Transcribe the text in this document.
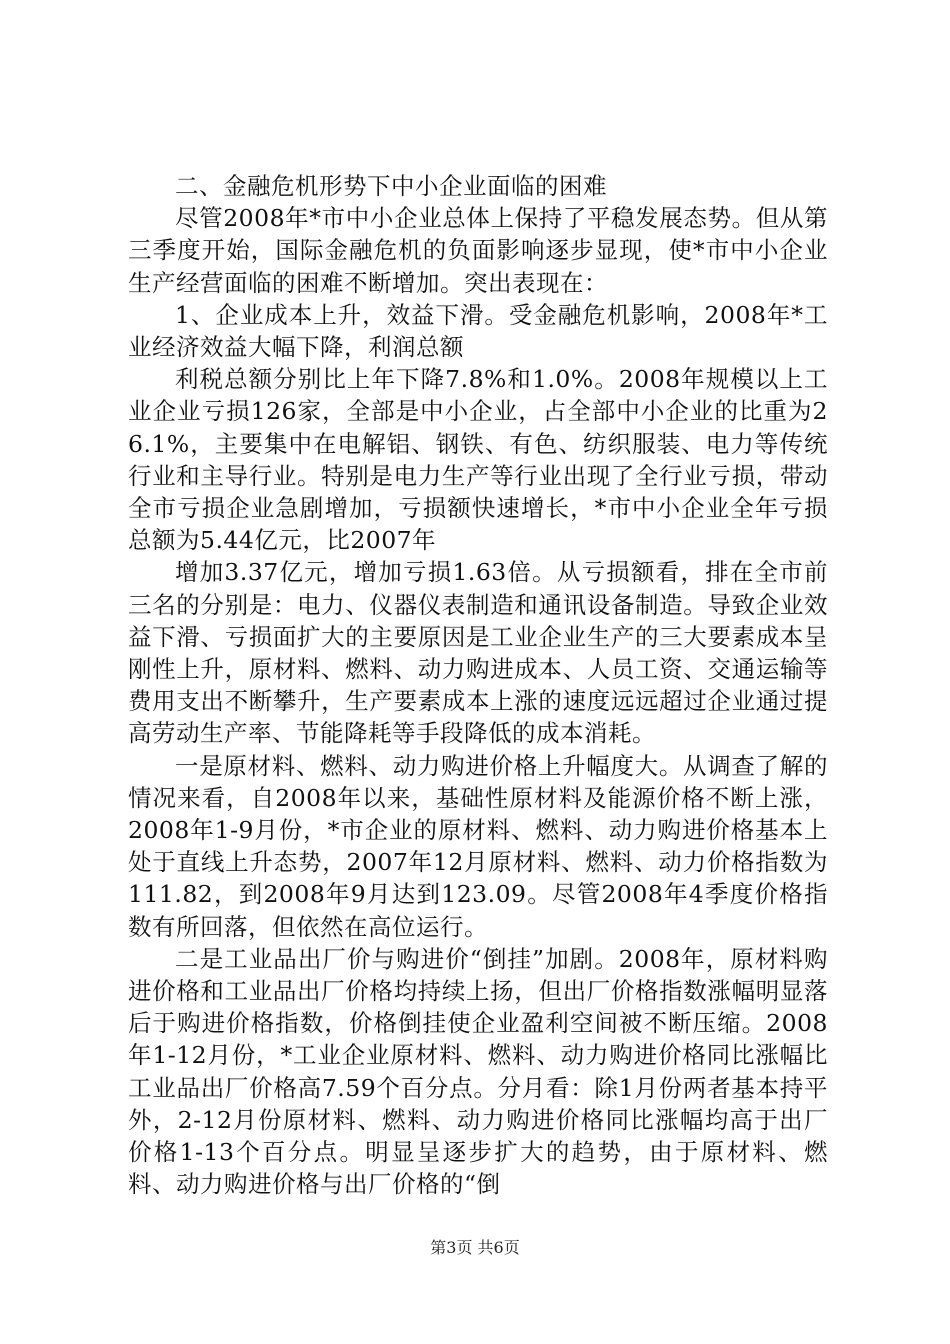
二、金融危机形势下中小企业面临的困难

尽管2008年*市中小企业总体上保持了平稳发展态势。但从第三季度开始，国际金融危机的负面影响逐步显现，使*市中小企业生产经营面临的困难不断增加。突出表现在：

1、企业成本上升，效益下滑。受金融危机影响，2008年*工业经济效益大幅下降，利润总额

利税总额分别比上年下降7.8%和1.0%。2008年规模以上工业企业亏损126家，全部是中小企业，占全部中小企业的比重为26.1%，主要集中在电解铝、钢铁、有色、纺织服装、电力等传统行业和主导行业。特别是电力生产等行业出现了全行业亏损，带动全市亏损企业急剧增加，亏损额快速增长，*市中小企业全年亏损总额为5.44亿元，比2007年

增加3.37亿元，增加亏损1.63倍。从亏损额看，排在全市前三名的分别是：电力、仪器仪表制造和通讯设备制造。导致企业效益下滑、亏损面扩大的主要原因是工业企业生产的三大要素成本呈刚性上升，原材料、燃料、动力购进成本、人员工资、交通运输等费用支出不断攀升，生产要素成本上涨的速度远远超过企业通过提高劳动生产率、节能降耗等手段降低的成本消耗。

一是原材料、燃料、动力购进价格上升幅度大。从调查了解的情况来看，自2008年以来，基础性原材料及能源价格不断上涨，2008年1-9月份，*市企业的原材料、燃料、动力购进价格基本上处于直线上升态势，2007年12月原材料、燃料、动力价格指数为111.82，到2008年9月达到123.09。尽管2008年4季度价格指数有所回落，但依然在高位运行。

二是工业品出厂价与购进价“倒挂”加剧。2008年，原材料购进价格和工业品出厂价格均持续上扬，但出厂价格指数涨幅明显落后于购进价格指数，价格倒挂使企业盈利空间被不断压缩。2008年1-12月份，*工业企业原材料、燃料、动力购进价格同比涨幅比工业品出厂价格高7.59个百分点。分月看：除1月份两者基本持平外，2-12月份原材料、燃料、动力购进价格同比涨幅均高于出厂价格1-13个百分点。明显呈逐步扩大的趋势，由于原材料、燃料、动力购进价格与出厂价格的“倒

第3页 共6页
